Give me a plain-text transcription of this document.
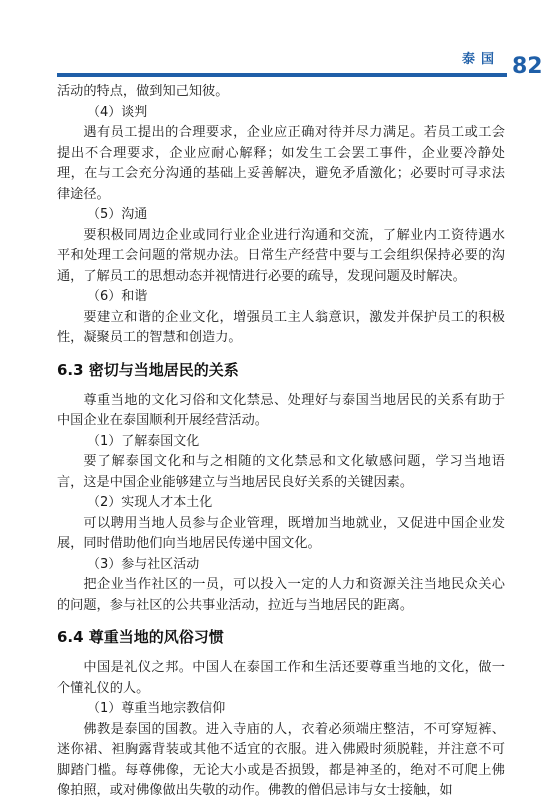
泰国 82

活动的特点，做到知己知彼。

（4）谈判

遇有员工提出的合理要求，企业应正确对待并尽力满足。若员工或工会提出不合理要求，企业应耐心解释；如发生工会罢工事件，企业要冷静处理，在与工会充分沟通的基础上妥善解决，避免矛盾激化；必要时可寻求法律途径。

（5）沟通

要积极同周边企业或同行业企业进行沟通和交流，了解业内工资待遇水平和处理工会问题的常规办法。日常生产经营中要与工会组织保持必要的沟通，了解员工的思想动态并视情进行必要的疏导，发现问题及时解决。

（6）和谐

要建立和谐的企业文化，增强员工主人翁意识，激发并保护员工的积极性，凝聚员工的智慧和创造力。

6.3 密切与当地居民的关系

尊重当地的文化习俗和文化禁忌、处理好与泰国当地居民的关系有助于中国企业在泰国顺利开展经营活动。

（1）了解泰国文化

要了解泰国文化和与之相随的文化禁忌和文化敏感问题，学习当地语言，这是中国企业能够建立与当地居民良好关系的关键因素。

（2）实现人才本土化

可以聘用当地人员参与企业管理，既增加当地就业，又促进中国企业发展，同时借助他们向当地居民传递中国文化。

（3）参与社区活动

把企业当作社区的一员，可以投入一定的人力和资源关注当地民众关心的问题，参与社区的公共事业活动，拉近与当地居民的距离。

6.4 尊重当地的风俗习惯

中国是礼仪之邦。中国人在泰国工作和生活还要尊重当地的文化，做一个懂礼仪的人。

（1）尊重当地宗教信仰

佛教是泰国的国教。进入寺庙的人，衣着必须端庄整洁，不可穿短裤、迷你裙、袒胸露背装或其他不适宜的衣服。进入佛殿时须脱鞋，并注意不可脚踏门槛。每尊佛像，无论大小或是否损毁，都是神圣的，绝对不可爬上佛像拍照，或对佛像做出失敬的动作。佛教的僧侣忌讳与女士接触，如
